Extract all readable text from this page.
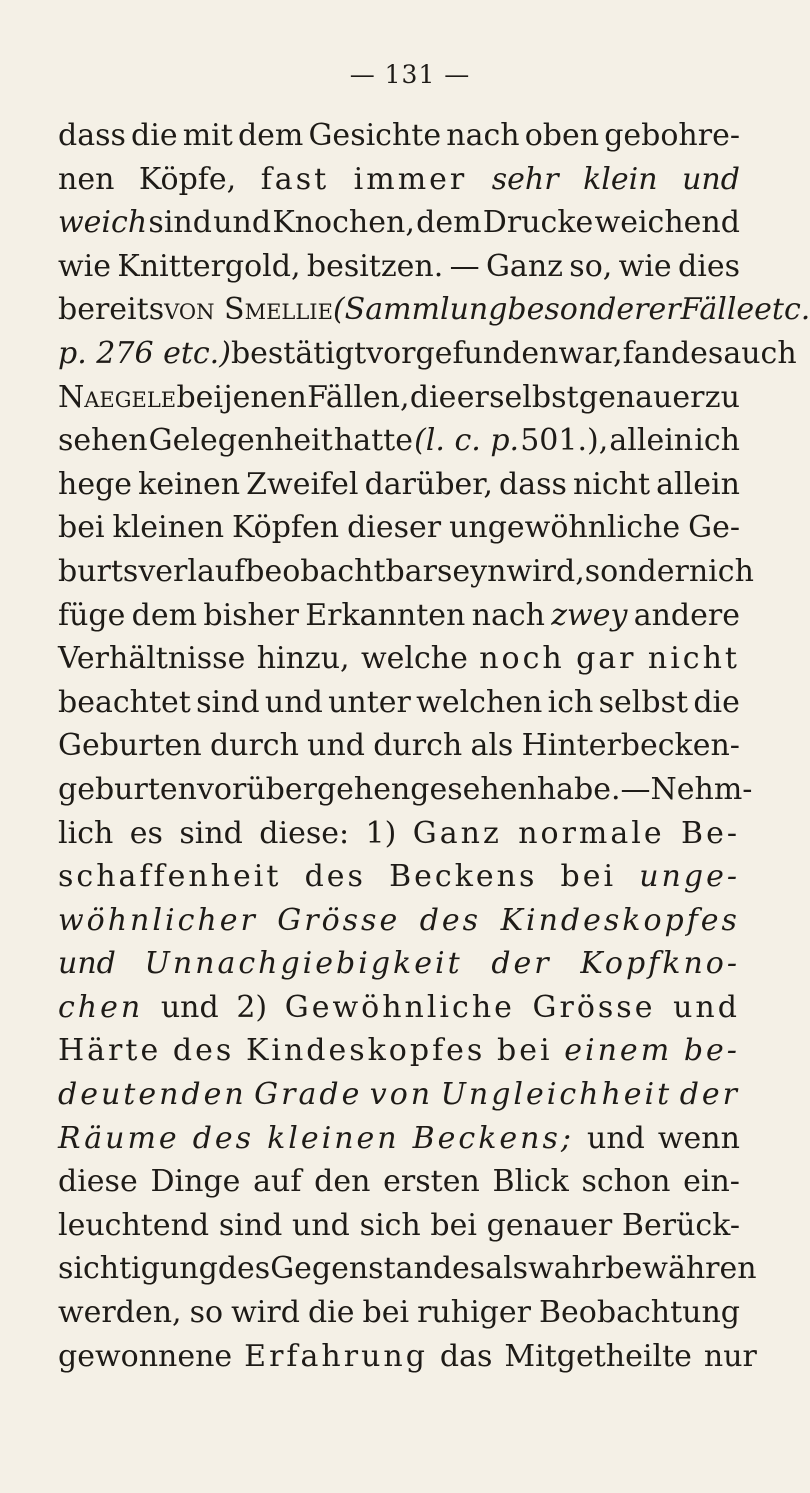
— 131 —
dass die mit dem Gesichte nach oben gebohre-
nen Köpfe, fast immer sehr klein und
weich sind und Knochen, dem Drucke weichend
wie Knittergold, besitzen. — Ganz so, wie dies
bereits von Smellie (Sammlung besonderer Fälle etc.
p. 276 etc.) bestätigt vorgefunden war, fand es auch
Naegele bei jenen Fällen, die er selbst genauer zu
sehen Gelegenheit hatte (l. c. p. 501.), allein ich
hege keinen Zweifel darüber, dass nicht allein
bei kleinen Köpfen dieser ungewöhnliche Ge-
burtsverlauf beobachtbar seyn wird, sondern ich
füge dem bisher Erkannten nach zwey andere
Verhältnisse hinzu, welche noch gar nicht
beachtet sind und unter welchen ich selbst die
Geburten durch und durch als Hinterbecken-
geburten vorübergehen gesehen habe. — Nehm-
lich es sind diese: 1) Ganz normale Be-
schaffenheit des Beckens bei unge-
wöhnlicher Grösse des Kindeskopfes
und Unnachgiebigkeit der Kopfkno-
chen und 2) Gewöhnliche Grösse und
Härte des Kindeskopfes bei einem be-
deutenden Grade von Ungleichheit der
Räume des kleinen Beckens; und wenn
diese Dinge auf den ersten Blick schon ein-
leuchtend sind und sich bei genauer Berück-
sichtigung des Gegenstandes als wahr bewähren
werden, so wird die bei ruhiger Beobachtung
gewonnene Erfahrung das Mitgetheilte nur
